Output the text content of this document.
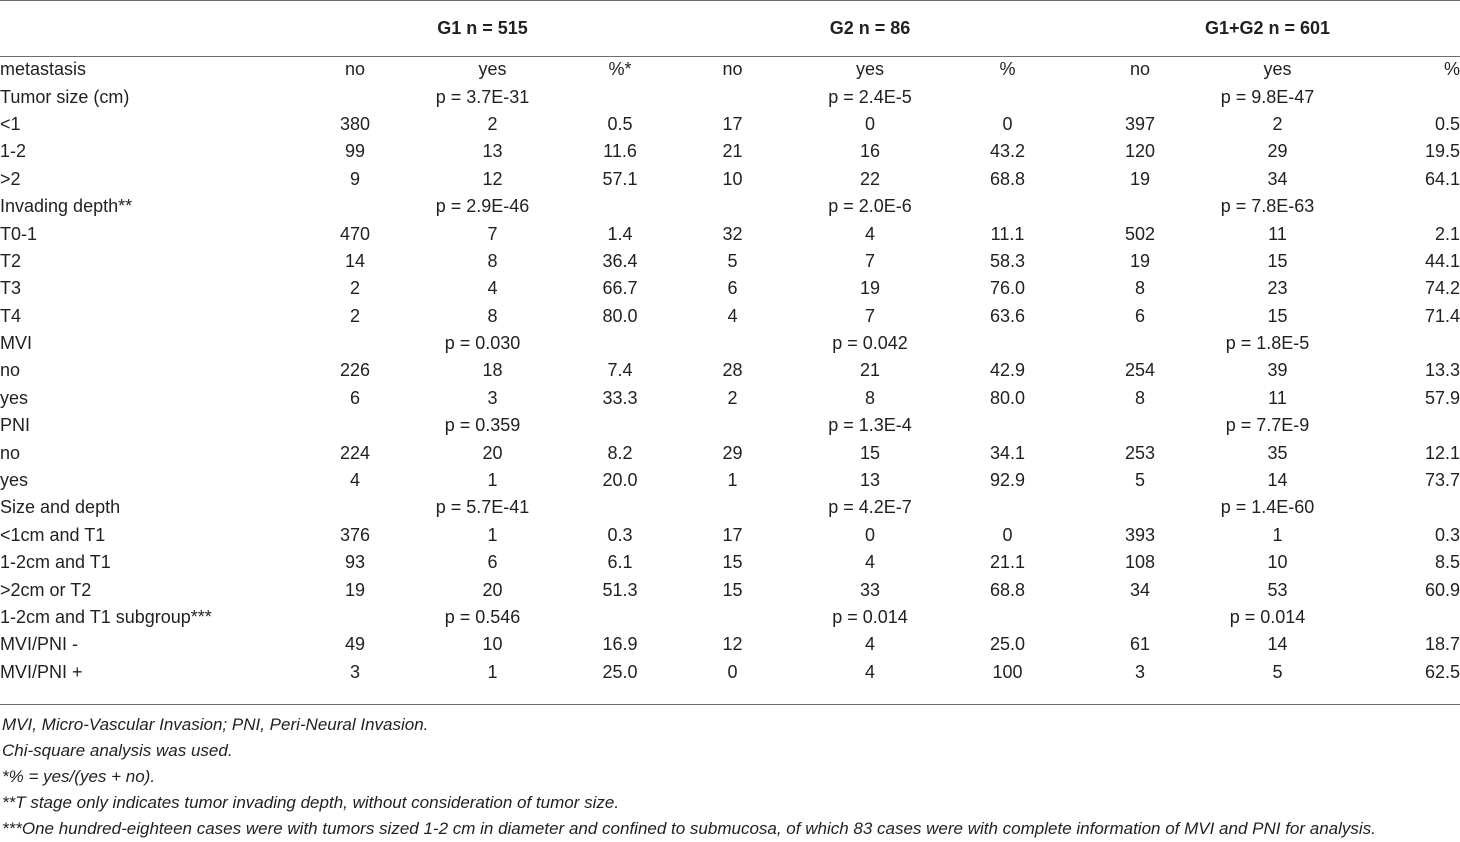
	G1 n = 515			G2 n = 86			G1+G2 n = 601		
metastasis	no	yes	%*	no	yes	%	no	yes	%
Tumor size (cm)	p = 3.7E-31			p = 2.4E-5			p = 9.8E-47		
<1	380	2	0.5	17	0	0	397	2	0.5
1-2	99	13	11.6	21	16	43.2	120	29	19.5
>2	9	12	57.1	10	22	68.8	19	34	64.1
Invading depth**	p = 2.9E-46			p = 2.0E-6			p = 7.8E-63		
T0-1	470	7	1.4	32	4	11.1	502	11	2.1
T2	14	8	36.4	5	7	58.3	19	15	44.1
T3	2	4	66.7	6	19	76.0	8	23	74.2
T4	2	8	80.0	4	7	63.6	6	15	71.4
MVI	p = 0.030			p = 0.042			p = 1.8E-5		
no	226	18	7.4	28	21	42.9	254	39	13.3
yes	6	3	33.3	2	8	80.0	8	11	57.9
PNI	p = 0.359			p = 1.3E-4			p = 7.7E-9		
no	224	20	8.2	29	15	34.1	253	35	12.1
yes	4	1	20.0	1	13	92.9	5	14	73.7
Size and depth	p = 5.7E-41			p = 4.2E-7			p = 1.4E-60		
<1cm and T1	376	1	0.3	17	0	0	393	1	0.3
1-2cm and T1	93	6	6.1	15	4	21.1	108	10	8.5
>2cm or T2	19	20	51.3	15	33	68.8	34	53	60.9
1-2cm and T1 subgroup***	p = 0.546			p = 0.014			p = 0.014		
MVI/PNI -	49	10	16.9	12	4	25.0	61	14	18.7
MVI/PNI +	3	1	25.0	0	4	100	3	5	62.5
MVI, Micro-Vascular Invasion; PNI, Peri-Neural Invasion.
Chi-square analysis was used.
*% = yes/(yes + no).
**T stage only indicates tumor invading depth, without consideration of tumor size.
***One hundred-eighteen cases were with tumors sized 1-2 cm in diameter and confined to submucosa, of which 83 cases were with complete information of MVI and PNI for analysis.
